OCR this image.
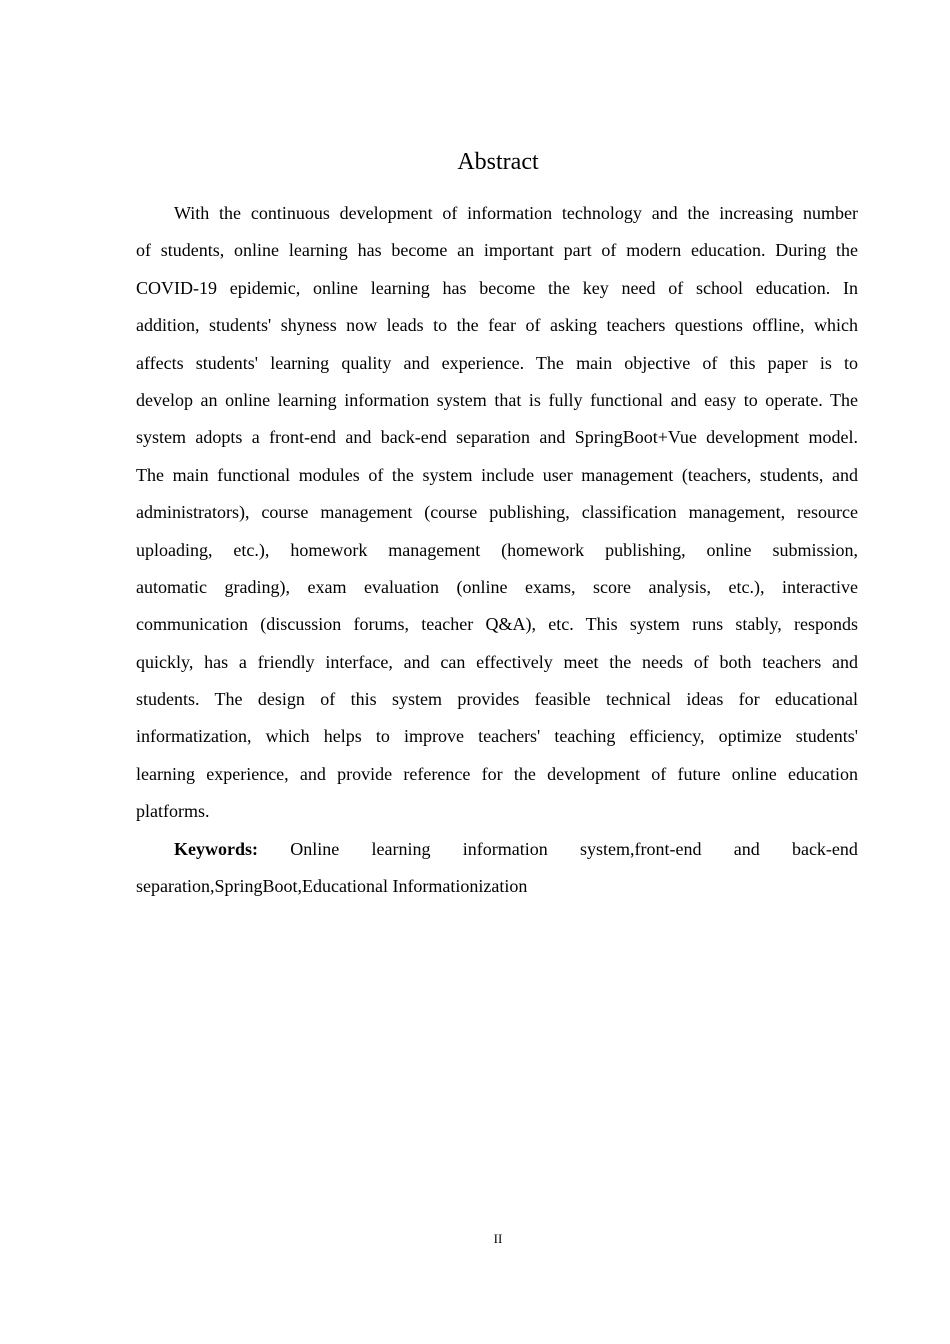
Abstract
With the continuous development of information technology and the increasing number
of students, online learning has become an important part of modern education. During the
COVID-19 epidemic, online learning has become the key need of school education. In
addition, students' shyness now leads to the fear of asking teachers questions offline, which
affects students' learning quality and experience. The main objective of this paper is to
develop an online learning information system that is fully functional and easy to operate. The
system adopts a front-end and back-end separation and SpringBoot+Vue development model.
The main functional modules of the system include user management (teachers, students, and
administrators), course management (course publishing, classification management, resource
uploading, etc.), homework management (homework publishing, online submission,
automatic grading), exam evaluation (online exams, score analysis, etc.), interactive
communication (discussion forums, teacher Q&A), etc. This system runs stably, responds
quickly, has a friendly interface, and can effectively meet the needs of both teachers and
students. The design of this system provides feasible technical ideas for educational
informatization, which helps to improve teachers' teaching efficiency, optimize students'
learning experience, and provide reference for the development of future online education
platforms.
Keywords: Online learning information system,front-end and back-end
separation,SpringBoot,Educational Informationization
II
